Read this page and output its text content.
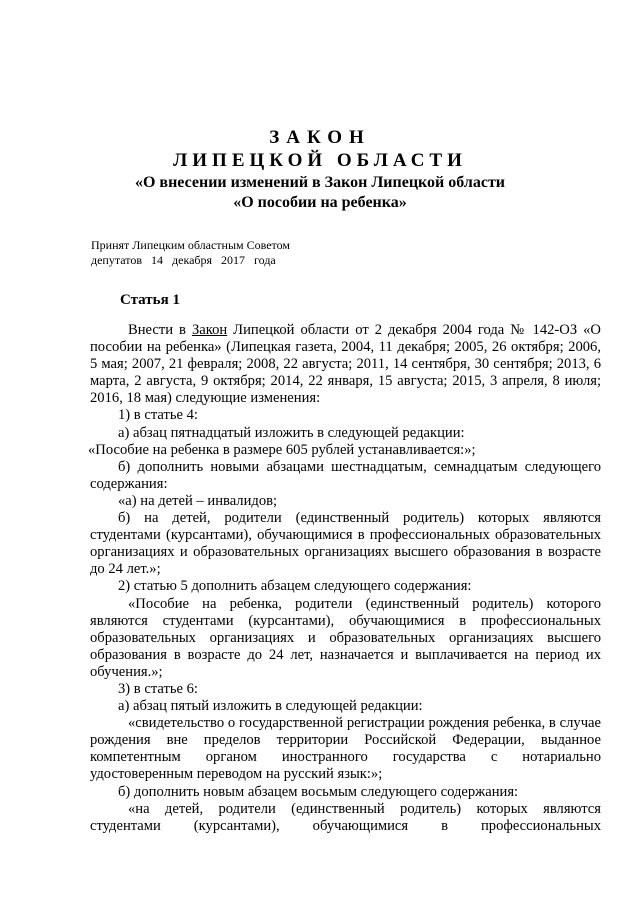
ЗАКОН
ЛИПЕЦКОЙ ОБЛАСТИ
«О внесении изменений в Закон Липецкой области
«О пособии на ребенка»
Принят Липецким областным Советом
депутатов   14   декабря   2017   года
Статья 1

Внести в Закон Липецкой области от 2 декабря 2004 года № 142-ОЗ «О пособии на ребенка» (Липецкая газета, 2004, 11 декабря; 2005, 26 октября; 2006, 5 мая; 2007, 21 февраля; 2008, 22 августа; 2011, 14 сентября, 30 сентября; 2013, 6 марта, 2 августа, 9 октября; 2014, 22 января, 15 августа; 2015, 3 апреля, 8 июля; 2016, 18 мая) следующие изменения:

1) в статье 4:

а) абзац пятнадцатый изложить в следующей редакции:

«Пособие на ребенка в размере 605 рублей устанавливается:»;

б) дополнить новыми абзацами шестнадцатым, семнадцатым следующего содержания:

«а) на детей – инвалидов;

б) на детей, родители (единственный родитель) которых являются студентами (курсантами), обучающимися в профессиональных образовательных организациях и образовательных организациях высшего образования в возрасте до 24 лет.»;

2) статью 5 дополнить абзацем следующего содержания:

«Пособие на ребенка, родители (единственный родитель) которого являются студентами (курсантами), обучающимися в профессиональных образовательных организациях и образовательных организациях высшего образования в возрасте до 24 лет, назначается и выплачивается на период их обучения.»;

3) в статье 6:

а) абзац пятый изложить в следующей редакции:

«свидетельство о государственной регистрации рождения ребенка, в случае рождения вне пределов территории Российской Федерации, выданное компетентным органом иностранного государства с нотариально удостоверенным переводом на русский язык:»;

б) дополнить новым абзацем восьмым следующего содержания:

«на детей, родители (единственный родитель) которых являются студентами (курсантами), обучающимися в профессиональных
